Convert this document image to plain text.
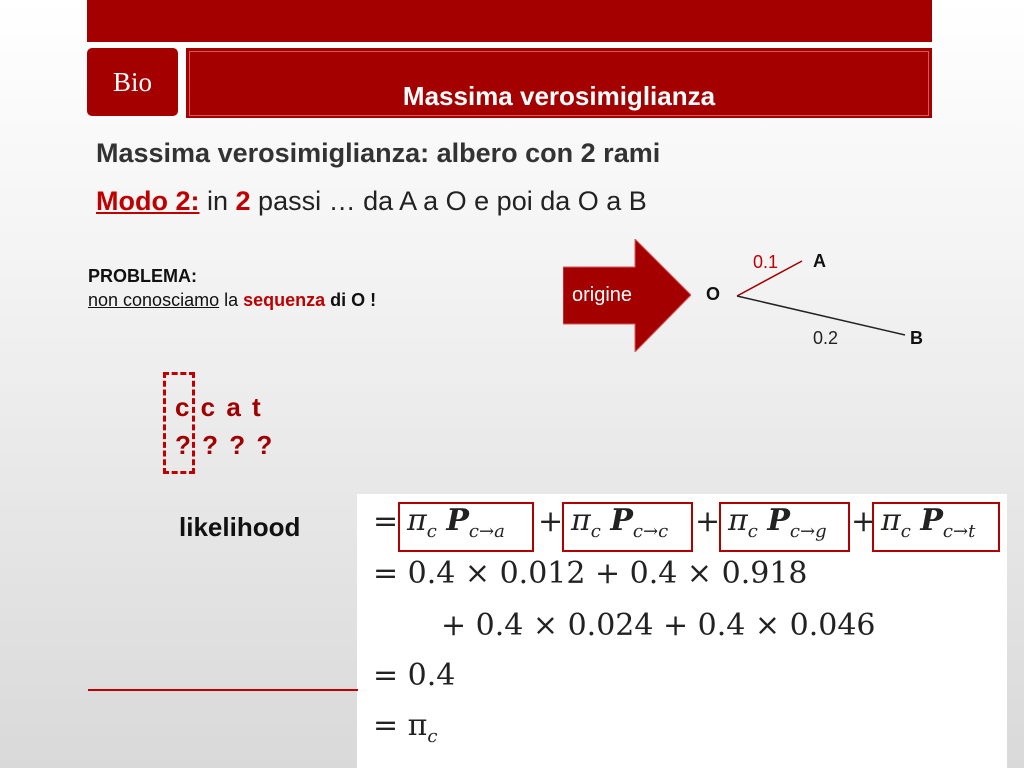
Bio	Massima verosimiglianza
Massima verosimiglianza: albero con 2 rami
Modo 2: in 2 passi … da A a O e poi da O a B
PROBLEMA:
non conosciamo la sequenza di O !	origine	O
A
B
0.1
0.2
c c a t
? ? ? ?
likelihood = $\pi_c$ $P_{c\to a} + \pi_c$ $P_{c\to c} + \pi_c$ $P_{c\to g} + \pi_c$ $P_{c\to t}$
= 0.4 × 0.012 + 0.4 × 0.918
+ 0.4 × 0.024 + 0.4 × 0.046
= 0.4
= $\pi_c$
